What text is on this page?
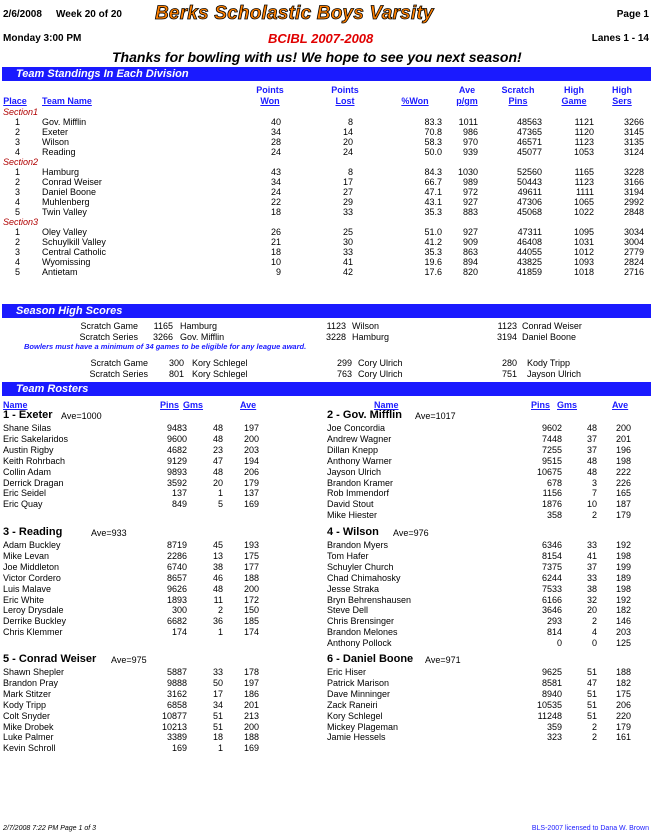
2/6/2008 Week 20 of 20 Berks Scholastic Boys Varsity	Page 1
Monday 3:00 PM	BCIBL 2007-2008	Lanes 1 - 14
Thanks for bowling with us! We hope to see you next season!
Team Standings In Each Division
Place Team Name
Points
Won
Points
Lost	%Won
Ave
p/gm
Scratch
Pins
High
Game
High
Sers
Section1
1 Gov. Mifflin	40	8	83.3	1011	48563	1121	3266
2 Exeter	34	14	70.8	986	47365	1120	3145
3 Wilson	28	20	58.3	970	46571	1123	3135
4 Reading	24	24	50.0	939	45077	1053	3124
Section2
1 Hamburg	43	8	84.3	1030	52560	1165	3228
2 Conrad Weiser	34	17	66.7	989	50443	1123	3166
3 Daniel Boone	24	27	47.1	972	49611	1111	3194
4 Muhlenberg	22	29	43.1	927	47306	1065	2992
5 Twin Valley	18	33	35.3	883	45068	1022	2848
Section3
1 Oley Valley	26	25	51.0	927	47311	1095	3034
2 Schuylkill Valley	21	30	41.2	909	46408	1031	3004
3 Central Catholic	18	33	35.3	863	44055	1012	2779
4 Wyomissing	10	41	19.6	894	43825	1093	2824
5 Antietam	9	42	17.6	820	41859	1018	2716
Season High Scores
Scratch Game	1165 Hamburg	1123 Wilson	1123 Conrad Weiser
Scratch Series	3266 Gov. Mifflin	3228 Hamburg	3194 Daniel Boone
Scratch Game	300 Kory Schlegel	299 Cory Ulrich	280 Kody Tripp
Scratch Series	801 Kory Schlegel	763 Cory Ulrich	751 Jayson Ulrich
Bowlers must have a minimum of 34 games to be eligible for any league award.
Team Rosters
Name	Pins Gms	Ave	Name	Pins Gms	Ave
1 - Exeter Ave=1000
Shane Silas	9483	48	197
Eric Sakelaridos	9600	48	200
Austin Rigby	4682	23	203
Keith Rohrbach	9129	47	194
Collin Adam	9893	48	206
Derrick Dragan	3592	20	179
Eric Seidel	137	1	137
Eric Quay	849	5	169
3 - Reading	Ave=933
Adam Buckley	8719	45	193
Mike Levan	2286	13	175
Joe Middleton	6740	38	177
Victor Cordero	8657	46	188
Luis Malave	9626	48	200
Eric White	1893	11	172
Leroy Drysdale	300	2	150
Derrike Buckley	6682	36	185
Chris Klemmer	174	1	174
5 - Conrad Weiser Ave=975
Shawn Shepler	5887	33	178
Brandon Pray	9888	50	197
Mark Stitzer	3162	17	186
Kody Tripp	6858	34	201
Colt Snyder	10877	51	213
Mike Drobek	10213	51	200
Luke Palmer	3389	18	188
Kevin Schroll	169	1	169
2 - Gov. Mifflin Ave=1017
Joe Concordia	9602	48	200
Andrew Wagner	7448	37	201
Dillan Knepp	7255	37	196
Anthony Warner	9515	48	198
Jayson Ulrich	10675	48	222
Brandon Kramer	678	3	226
Rob Immendorf	1156	7	165
David Stout	1876	10	187
Mike Hiester	358	2	179
4 - Wilson Ave=976
Brandon Myers	6346	33	192
Tom Hafer	8154	41	198
Schuyler Church	7375	37	199
Chad Chimahosky	6244	33	189
Jesse Straka	7533	38	198
Bryn Behrenshausen	6166	32	192
Steve Dell	3646	20	182
Chris Brensinger	293	2	146
Brandon Melones	814	4	203
Anthony Pollock	0	0	125
6 - Daniel Boone Ave=971
Eric Hiser	9625	51	188
Patrick Marison	8581	47	182
Dave Minninger	8940	51	175
Zack Raneiri	10535	51	206
Kory Schlegel	11248	51	220
Mickey Plageman	359	2	179
Jamie Hessels	323	2	161
2/7/2008 7:22 PM Page 1 of 3	BLS-2007 licensed to Dana W. Brown
